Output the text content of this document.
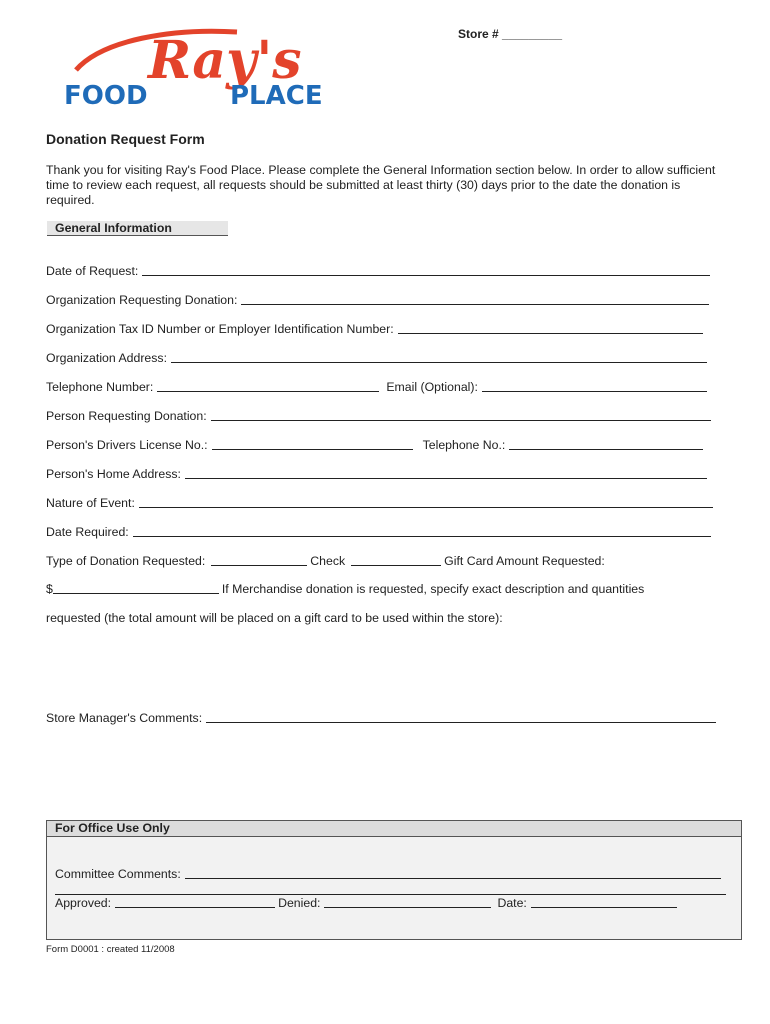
Store # _________
Ray's
FOOD	PLACE
Donation Request Form
Thank you for visiting Ray's Food Place. Please complete the General Information section below. In order to allow sufficient time to review each request, all requests should be submitted at least thirty (30) days prior to the date the donation is required.
General Information
Date of Request:
Organization Requesting Donation:
Organization Tax ID Number or Employer Identification Number:
Organization Address:
Telephone Number:	Email (Optional):
Person Requesting Donation:
Person's Drivers License No.:	Telephone No.:
Person's Home Address:
Nature of Event:
Date Required:
Type of Donation Requested:	Check	Gift Card Amount Requested:
$	If Merchandise donation is requested, specify exact description and quantities
requested (the total amount will be placed on a gift card to be used within the store):
Store Manager's Comments:
For Office Use Only
Committee Comments:
Approved:	Denied:	Date:
Form D0001 : created 11/2008
